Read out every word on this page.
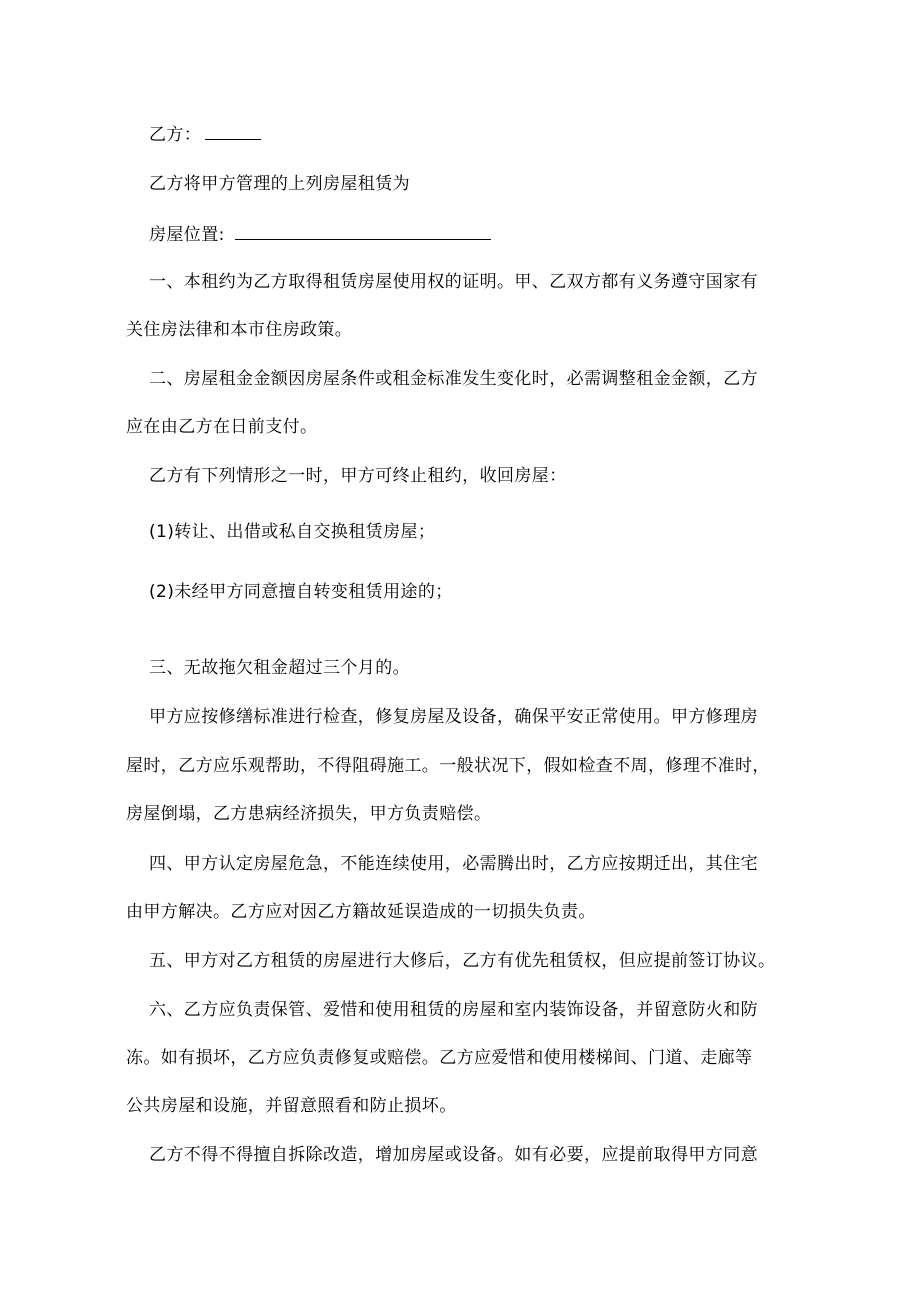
乙方：
乙方将甲方管理的上列房屋租赁为
房屋位置:
一、本租约为乙方取得租赁房屋使用权的证明。甲、乙双方都有义务遵守国家有
关住房法律和本市住房政策。
二、房屋租金金额因房屋条件或租金标准发生变化时，必需调整租金金额，乙方
应在由乙方在日前支付。
乙方有下列情形之一时，甲方可终止租约，收回房屋：
(1)转让、出借或私自交换租赁房屋；
(2)未经甲方同意擅自转变租赁用途的；
三、无故拖欠租金超过三个月的。
甲方应按修缮标准进行检查，修复房屋及设备，确保平安正常使用。甲方修理房
屋时，乙方应乐观帮助，不得阻碍施工。一般状况下，假如检查不周，修理不准时，
房屋倒塌，乙方患病经济损失，甲方负责赔偿。
四、甲方认定房屋危急，不能连续使用，必需腾出时，乙方应按期迁出，其住宅
由甲方解决。乙方应对因乙方籍故延误造成的一切损失负责。
五、甲方对乙方租赁的房屋进行大修后，乙方有优先租赁权，但应提前签订协议。
六、乙方应负责保管、爱惜和使用租赁的房屋和室内装饰设备，并留意防火和防
冻。如有损坏，乙方应负责修复或赔偿。乙方应爱惜和使用楼梯间、门道、走廊等
公共房屋和设施，并留意照看和防止损坏。
乙方不得不得擅自拆除改造，增加房屋或设备。如有必要，应提前取得甲方同意
